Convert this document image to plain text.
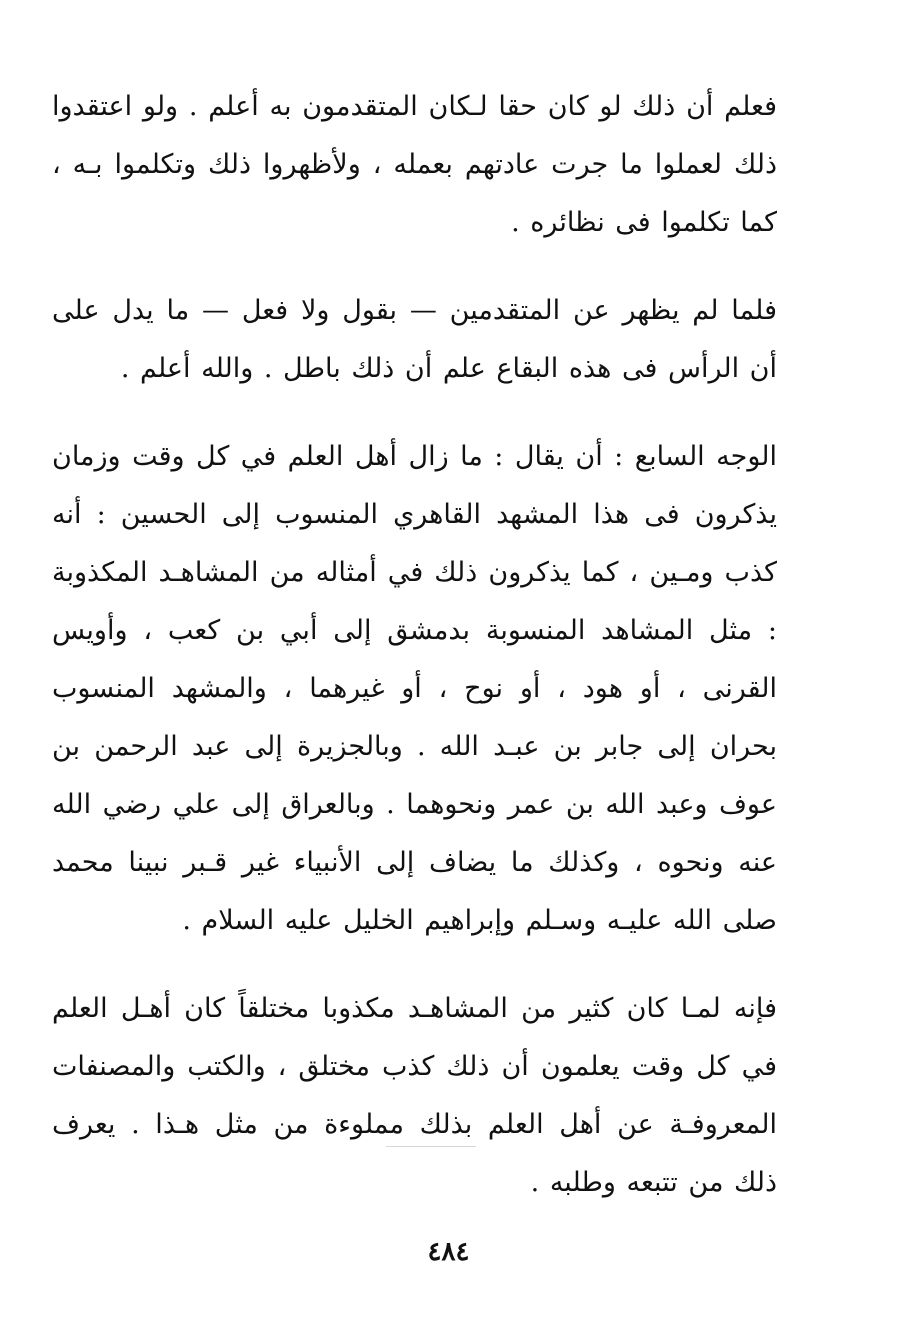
فعلم أن ذلك لو كان حقا لـكان المتقدمون به أعلم . ولو اعتقدوا ذلك لعملوا ما جرت عادتهم بعمله ، ولأظهروا ذلك وتكلموا بـه ، كما تكلموا فى نظائره .

فلما لم يظهر عن المتقدمين — بقول ولا فعل — ما يدل على أن الرأس فى هذه البقاع علم أن ذلك باطل . والله أعلم .

الوجه السابع : أن يقال : ما زال أهل العلم في كل وقت وزمان يذكرون فى هذا المشهد القاهري المنسوب إلى الحسين : أنه كذب ومـين ، كما يذكرون ذلك في أمثاله من المشاهـد المكذوبة : مثل المشاهد المنسوبة بدمشق إلى أبي بن كعب ، وأويس القرنى ، أو هود ، أو نوح ، أو غيرهما ، والمشهد المنسوب بحران إلى جابر بن عبـد الله . وبالجزيرة إلى عبد الرحمن بن عوف وعبد الله بن عمر ونحوهما . وبالعراق إلى علي رضي الله عنه ونحوه ، وكذلك ما يضاف إلى الأنبياء غير قـبر نبينا محمد صلى الله عليـه وسـلم وإبراهيم الخليل عليه السلام .

فإنه لمـا كان كثير من المشاهـد مكذوبا مختلقاً كان أهـل العلم في كل وقت يعلمون أن ذلك كذب مختلق ، والكتب والمصنفات المعروفـة عن أهل العلم بذلك مملوءة من مثل هـذا . يعرف ذلك من تتبعه وطلبه .

٤٨٤
